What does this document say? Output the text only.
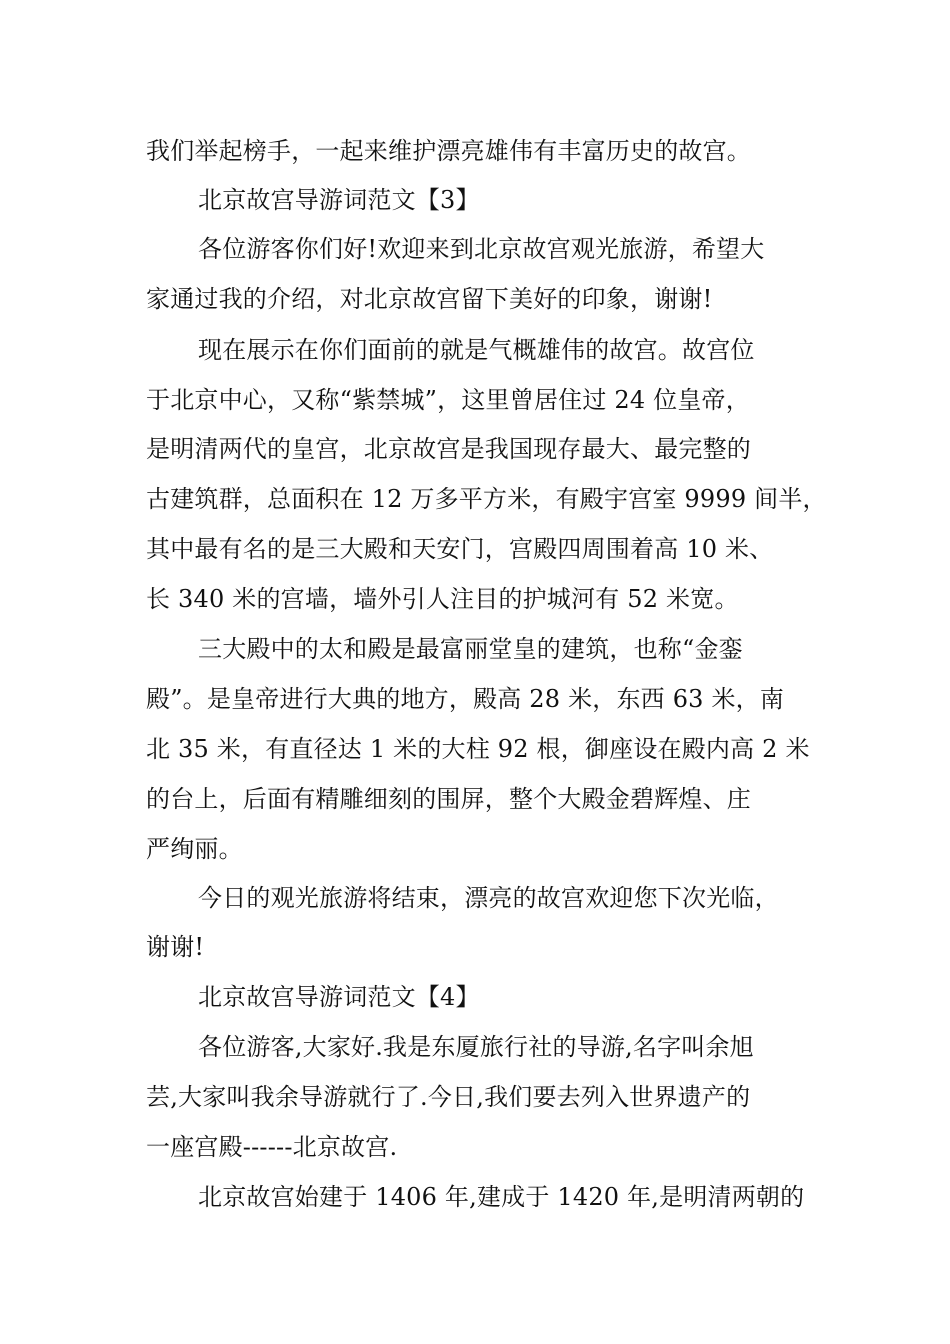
我们举起榜手，一起来维护漂亮雄伟有丰富历史的故宫。
北京故宫导游词范文【3】
各位游客你们好!欢迎来到北京故宫观光旅游，希望大
家通过我的介绍，对北京故宫留下美好的印象，谢谢!
现在展示在你们面前的就是气概雄伟的故宫。故宫位
于北京中心，又称“紫禁城”，这里曾居住过 24 位皇帝，
是明清两代的皇宫，北京故宫是我国现存最大、最完整的
古建筑群，总面积在 12 万多平方米，有殿宇宫室 9999 间半，
其中最有名的是三大殿和天安门，宫殿四周围着高 10 米、
长 340 米的宫墙，墙外引人注目的护城河有 52 米宽。
三大殿中的太和殿是最富丽堂皇的建筑，也称“金銮
殿”。是皇帝进行大典的地方，殿高 28 米，东西 63 米，南
北 35 米，有直径达 1 米的大柱 92 根，御座设在殿内高 2 米
的台上，后面有精雕细刻的围屏，整个大殿金碧辉煌、庄
严绚丽。
今日的观光旅游将结束，漂亮的故宫欢迎您下次光临，
谢谢!
北京故宫导游词范文【4】
各位游客,大家好.我是东厦旅行社的导游,名字叫余旭
芸,大家叫我余导游就行了.今日,我们要去列入世界遗产的
一座宫殿------北京故宫.
北京故宫始建于 1406 年,建成于 1420 年,是明清两朝的
